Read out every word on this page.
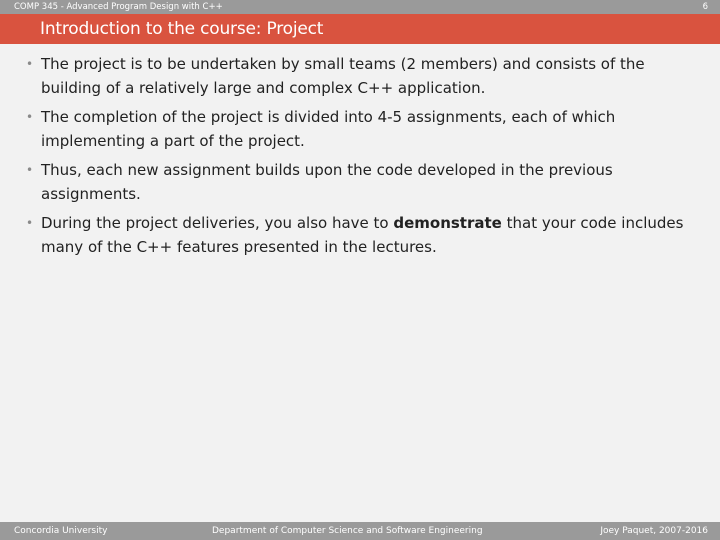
COMP 345 - Advanced Program Design with C++	6
Introduction to the course: Project
• The project is to be undertaken by small teams (2 members) and consists of the building of a relatively large and complex C++ application.
• The completion of the project is divided into 4-5 assignments, each of which implementing a part of the project.
• Thus, each new assignment builds upon the code developed in the previous assignments.
• During the project deliveries, you also have to demonstrate that your code includes many of the C++ features presented in the lectures.
Concordia University	Department of Computer Science and Software Engineering	Joey Paquet, 2007-2016
